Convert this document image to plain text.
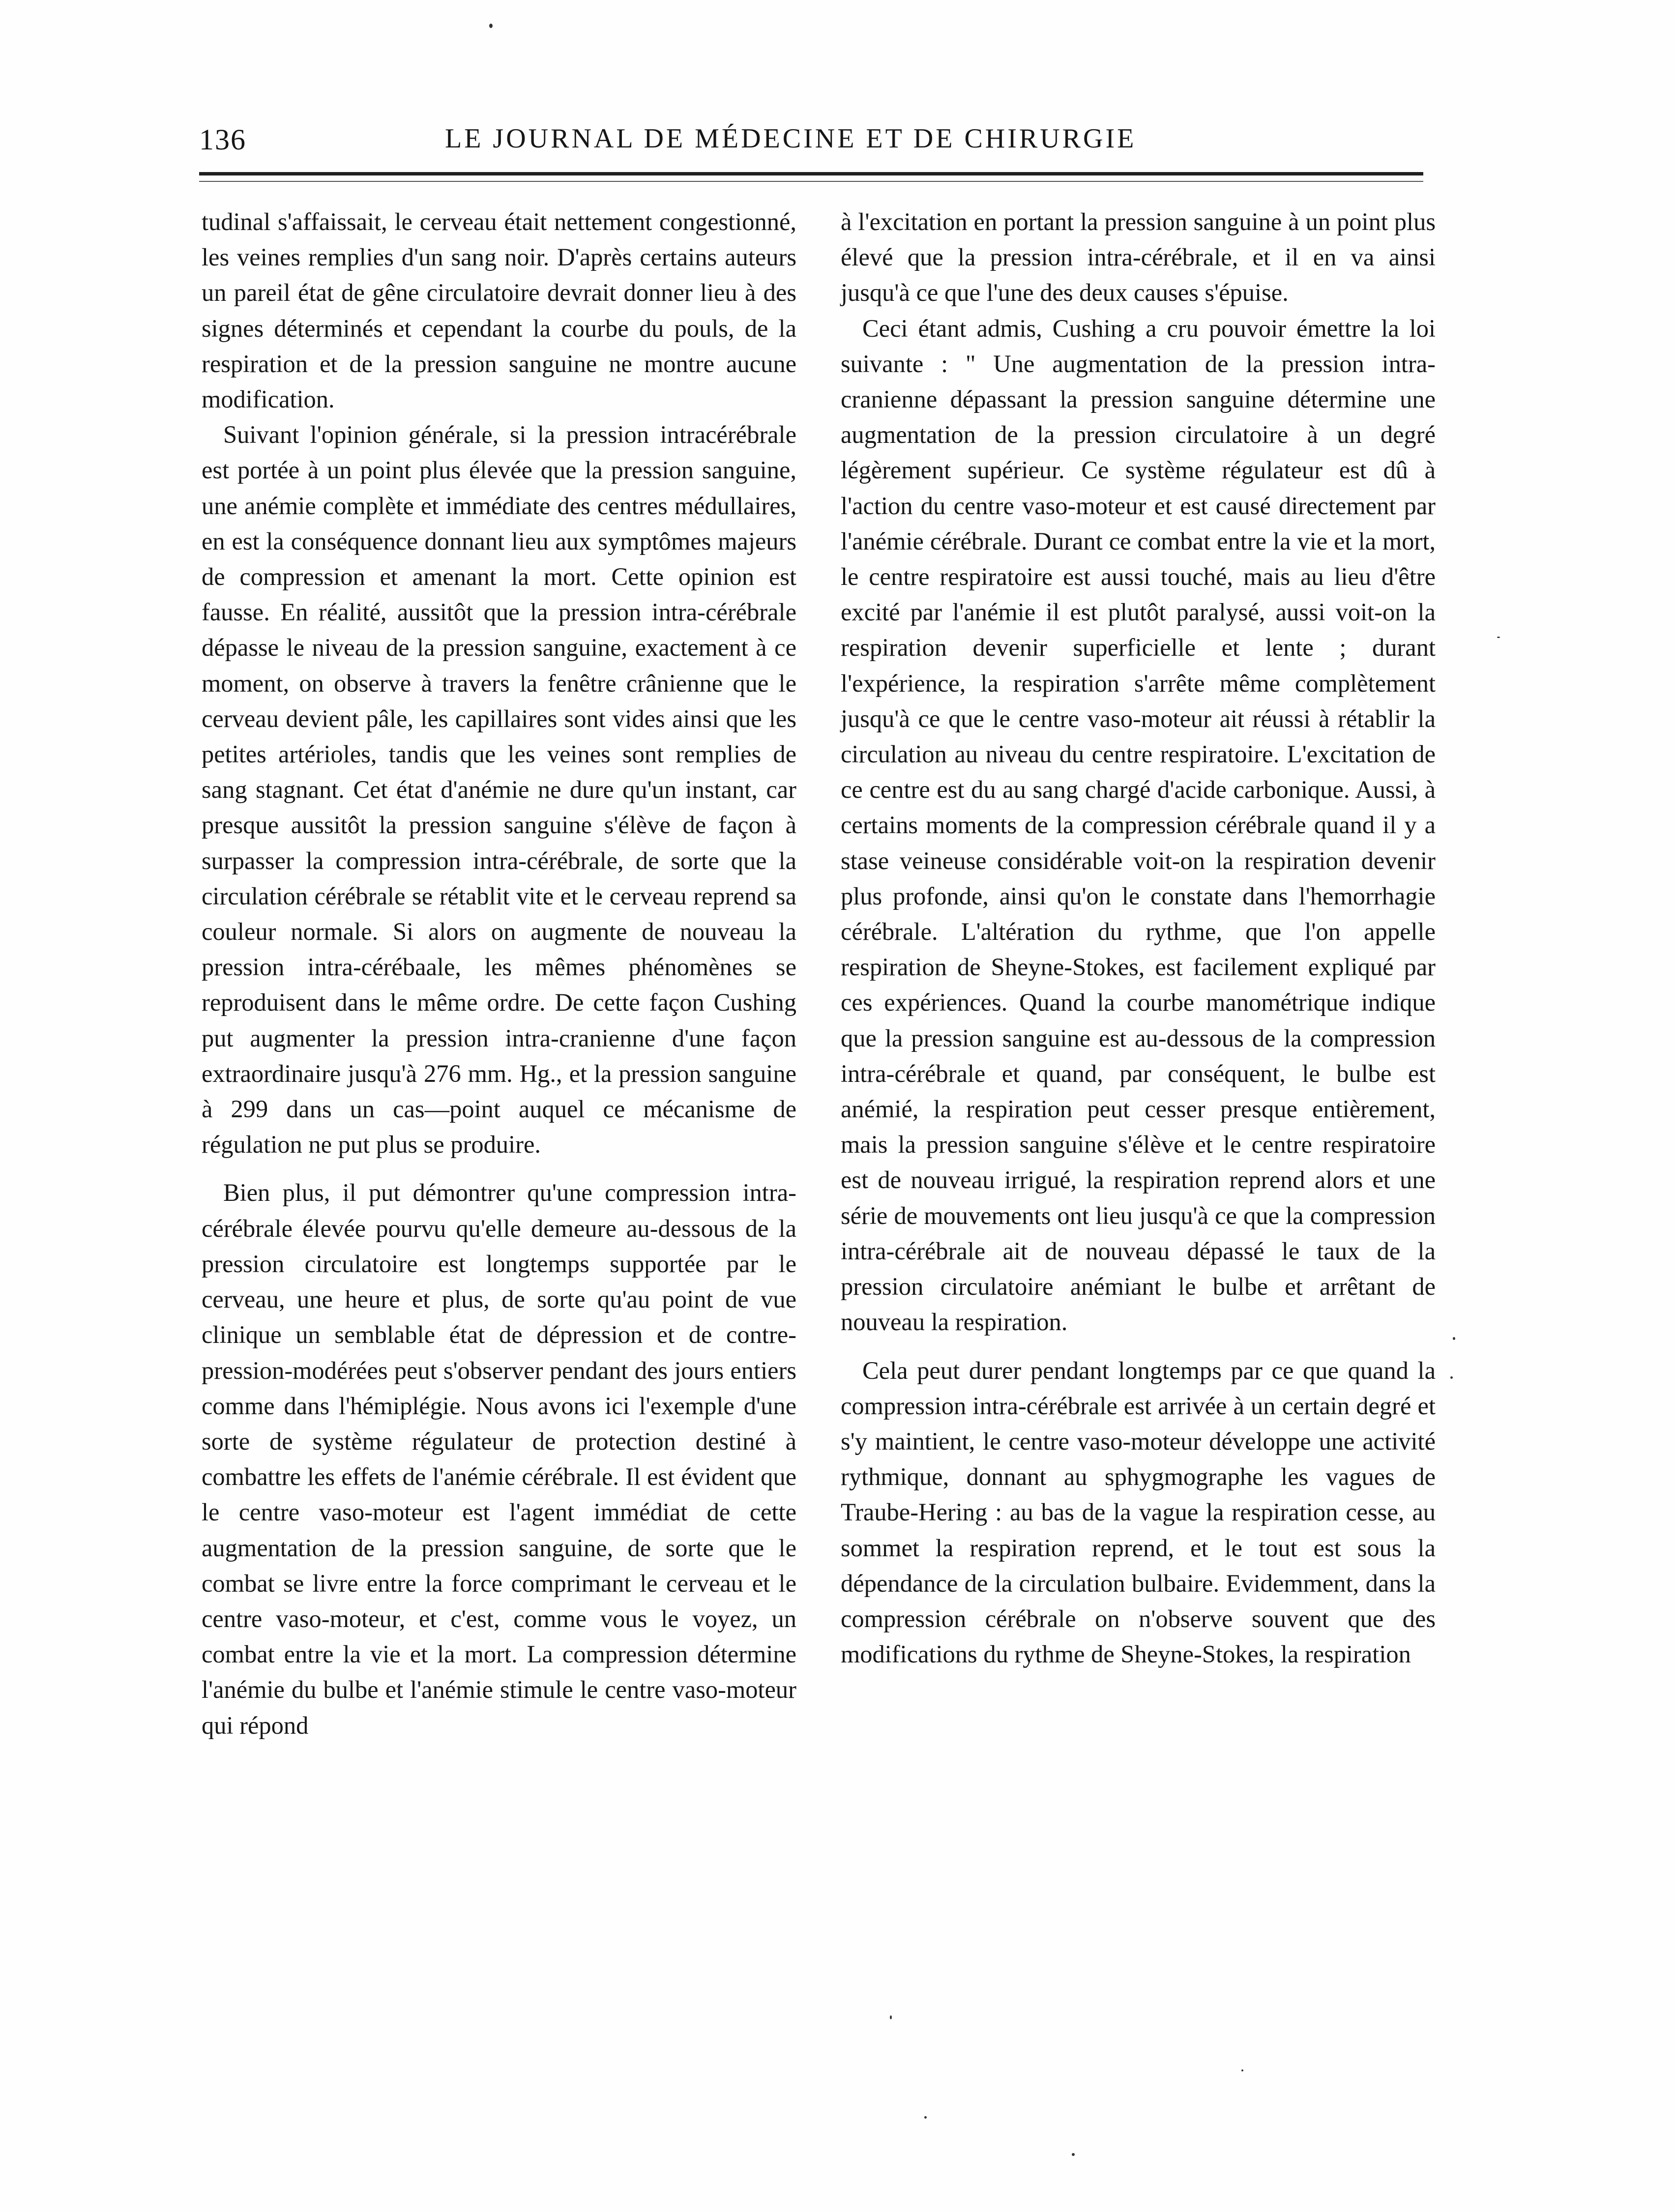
136	LE JOURNAL DE MÉDECINE ET DE CHIRURGIE

tudinal s'affaissait, le cerveau était nettement congestionné, les veines remplies d'un sang noir. D'après certains auteurs un pareil état de gêne circulatoire devrait donner lieu à des signes déterminés et cependant la courbe du pouls, de la respiration et de la pression sanguine ne montre aucune modification.

Suivant l'opinion générale, si la pression intracérébrale est portée à un point plus élevée que la pression sanguine, une anémie complète et immédiate des centres médullaires, en est la conséquence donnant lieu aux symptômes majeurs de compression et amenant la mort. Cette opinion est fausse. En réalité, aussitôt que la pression intra-cérébrale dépasse le niveau de la pression sanguine, exactement à ce moment, on observe à travers la fenêtre crânienne que le cerveau devient pâle, les capillaires sont vides ainsi que les petites artérioles, tandis que les veines sont remplies de sang stagnant. Cet état d'anémie ne dure qu'un instant, car presque aussitôt la pression sanguine s'élève de façon à surpasser la compression intra-cérébrale, de sorte que la circulation cérébrale se rétablit vite et le cerveau reprend sa couleur normale. Si alors on augmente de nouveau la pression intra-cérébaale, les mêmes phénomènes se reproduisent dans le même ordre. De cette façon Cushing put augmenter la pression intra-cranienne d'une façon extraordinaire jusqu'à 276 mm. Hg., et la pression sanguine à 299 dans un cas—point auquel ce mécanisme de régulation ne put plus se produire.

Bien plus, il put démontrer qu'une compression intra-cérébrale élevée pourvu qu'elle demeure au-dessous de la pression circulatoire est longtemps supportée par le cerveau, une heure et plus, de sorte qu'au point de vue clinique un semblable état de dépression et de contre-pression-modérées peut s'observer pendant des jours entiers comme dans l'hémiplégie. Nous avons ici l'exemple d'une sorte de système régulateur de protection destiné à combattre les effets de l'anémie cérébrale. Il est évident que le centre vaso-moteur est l'agent immédiat de cette augmentation de la pression sanguine, de sorte que le combat se livre entre la force comprimant le cerveau et le centre vaso-moteur, et c'est, comme vous le voyez, un combat entre la vie et la mort. La compression détermine l'anémie du bulbe et l'anémie stimule le centre vaso-moteur qui répond

à l'excitation en portant la pression sanguine à un point plus élevé que la pression intra-cérébrale, et il en va ainsi jusqu'à ce que l'une des deux causes s'épuise.

Ceci étant admis, Cushing a cru pouvoir émettre la loi suivante : " Une augmentation de la pression intra-cranienne dépassant la pression sanguine détermine une augmentation de la pression circulatoire à un degré légèrement supérieur. Ce système régulateur est dû à l'action du centre vaso-moteur et est causé directement par l'anémie cérébrale. Durant ce combat entre la vie et la mort, le centre respiratoire est aussi touché, mais au lieu d'être excité par l'anémie il est plutôt paralysé, aussi voit-on la respiration devenir superficielle et lente ; durant l'expérience, la respiration s'arrête même complètement jusqu'à ce que le centre vaso-moteur ait réussi à rétablir la circulation au niveau du centre respiratoire. L'excitation de ce centre est du au sang chargé d'acide carbonique. Aussi, à certains moments de la compression cérébrale quand il y a stase veineuse considérable voit-on la respiration devenir plus profonde, ainsi qu'on le constate dans l'hemorrhagie cérébrale. L'altération du rythme, que l'on appelle respiration de Sheyne-Stokes, est facilement expliqué par ces expériences. Quand la courbe manométrique indique que la pression sanguine est au-dessous de la compression intra-cérébrale et quand, par conséquent, le bulbe est anémié, la respiration peut cesser presque entièrement, mais la pression sanguine s'élève et le centre respiratoire est de nouveau irrigué, la respiration reprend alors et une série de mouvements ont lieu jusqu'à ce que la compression intra-cérébrale ait de nouveau dépassé le taux de la pression circulatoire anémiant le bulbe et arrêtant de nouveau la respiration.

Cela peut durer pendant longtemps par ce que quand la compression intra-cérébrale est arrivée à un certain degré et s'y maintient, le centre vaso-moteur développe une activité rythmique, donnant au sphygmographe les vagues de Traube-Hering : au bas de la vague la respiration cesse, au sommet la respiration reprend, et le tout est sous la dépendance de la circulation bulbaire. Evidemment, dans la compression cérébrale on n'observe souvent que des modifications du rythme de Sheyne-Stokes, la respiration
